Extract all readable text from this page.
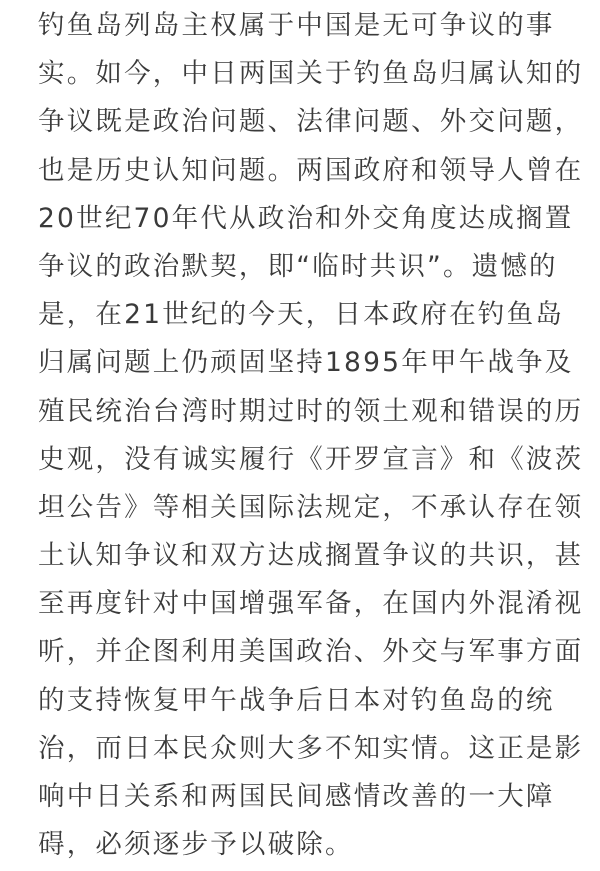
钓鱼岛列岛主权属于中国是无可争议的事
实。如今，中日两国关于钓鱼岛归属认知的
争议既是政治问题、法律问题、外交问题，
也是历史认知问题。两国政府和领导人曾在
20世纪70年代从政治和外交角度达成搁置
争议的政治默契，即“临时共识”。遗憾的
是，在21世纪的今天，日本政府在钓鱼岛
归属问题上仍顽固坚持1895年甲午战争及
殖民统治台湾时期过时的领土观和错误的历
史观，没有诚实履行《开罗宣言》和《波茨
坦公告》等相关国际法规定，不承认存在领
土认知争议和双方达成搁置争议的共识，甚
至再度针对中国增强军备，在国内外混淆视
听，并企图利用美国政治、外交与军事方面
的支持恢复甲午战争后日本对钓鱼岛的统
治，而日本民众则大多不知实情。这正是影
响中日关系和两国民间感情改善的一大障
碍，必须逐步予以破除。
